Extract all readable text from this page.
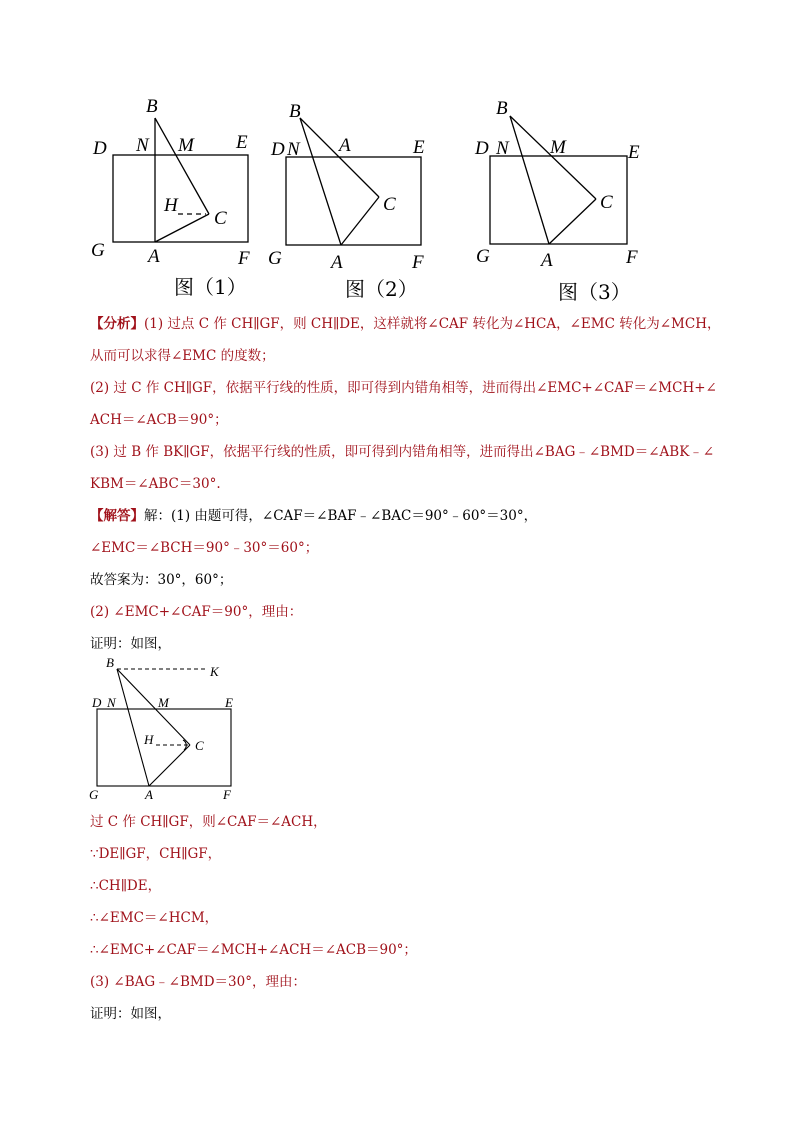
B
N M
D	E
H
C
G A	F
图（1）
B
D N A	E
C
G	A	F
图（2）
B
D N M	E
C
G	A	F
图（3）
【分析】(1) 过点 C 作 CH∥GF，则 CH∥DE，这样就将∠CAF 转化为∠HCA，∠EMC 转化为∠MCH，
从而可以求得∠EMC 的度数；
(2) 过 C 作 CH∥GF，依据平行线的性质，即可得到内错角相等，进而得出∠EMC+∠CAF＝∠MCH+∠
ACH＝∠ACB＝90°；
(3) 过 B 作 BK∥GF，依据平行线的性质，即可得到内错角相等，进而得出∠BAG﹣∠BMD＝∠ABK﹣∠
KBM＝∠ABC＝30°.
【解答】解：(1) 由题可得，∠CAF＝∠BAF﹣∠BAC＝90°﹣60°＝30°，
∠EMC＝∠BCH＝90°﹣30°＝60°；
故答案为：30°，60°；
(2) ∠EMC+∠CAF＝90°，理由：
证明：如图，
B
K
D N	M	E
H	C
G	A	F
过 C 作 CH∥GF，则∠CAF＝∠ACH，
∵DE∥GF，CH∥GF，
∴CH∥DE，
∴∠EMC＝∠HCM，
∴∠EMC+∠CAF＝∠MCH+∠ACH＝∠ACB＝90°；
(3) ∠BAG﹣∠BMD＝30°，理由：
证明：如图，
